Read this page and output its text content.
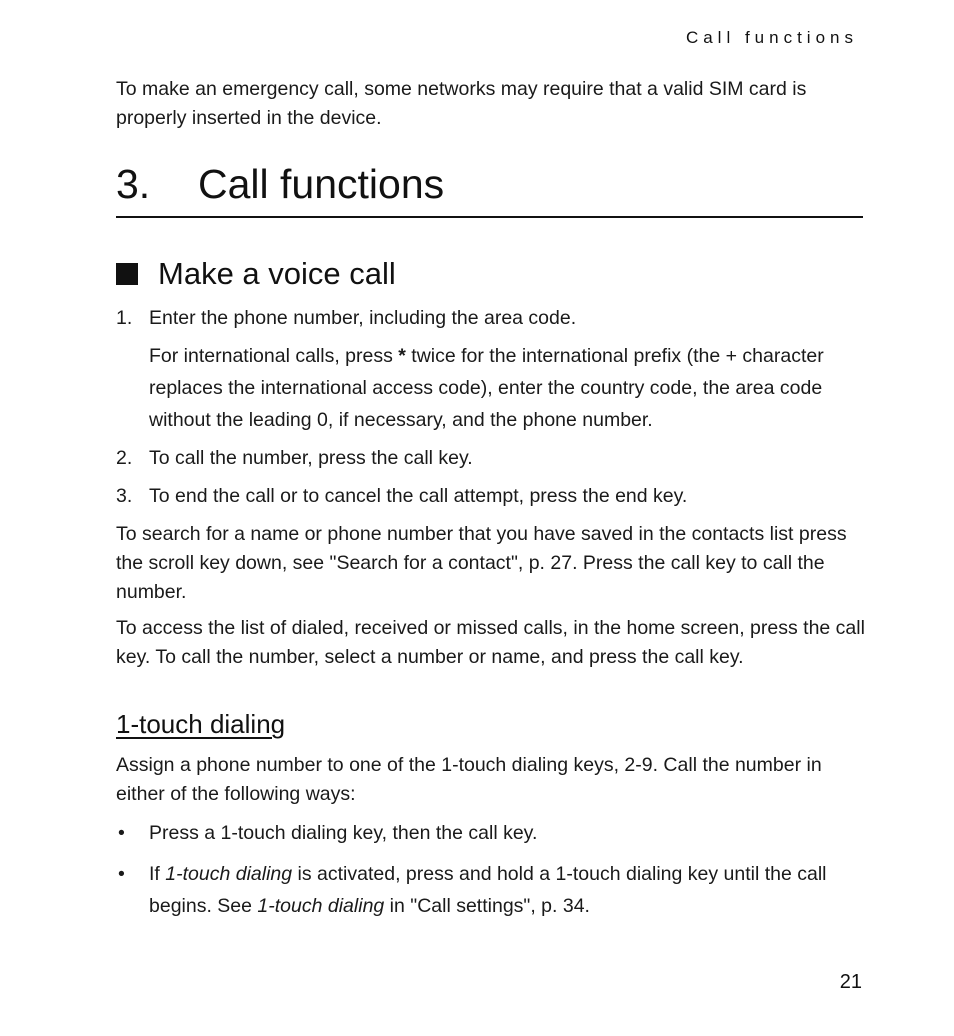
Call functions
To make an emergency call, some networks may require that a valid SIM card is properly inserted in the device.
3. Call functions
Make a voice call
1. Enter the phone number, including the area code.
For international calls, press * twice for the international prefix (the + character replaces the international access code), enter the country code, the area code without the leading 0, if necessary, and the phone number.
2. To call the number, press the call key.
3. To end the call or to cancel the call attempt, press the end key.
To search for a name or phone number that you have saved in the contacts list press the scroll key down, see "Search for a contact", p. 27. Press the call key to call the number.
To access the list of dialed, received or missed calls, in the home screen, press the call key. To call the number, select a number or name, and press the call key.
1-touch dialing
Assign a phone number to one of the 1-touch dialing keys, 2-9. Call the number in either of the following ways:
• Press a 1-touch dialing key, then the call key.
• If 1-touch dialing is activated, press and hold a 1-touch dialing key until the call begins. See 1-touch dialing in "Call settings", p. 34.
21
